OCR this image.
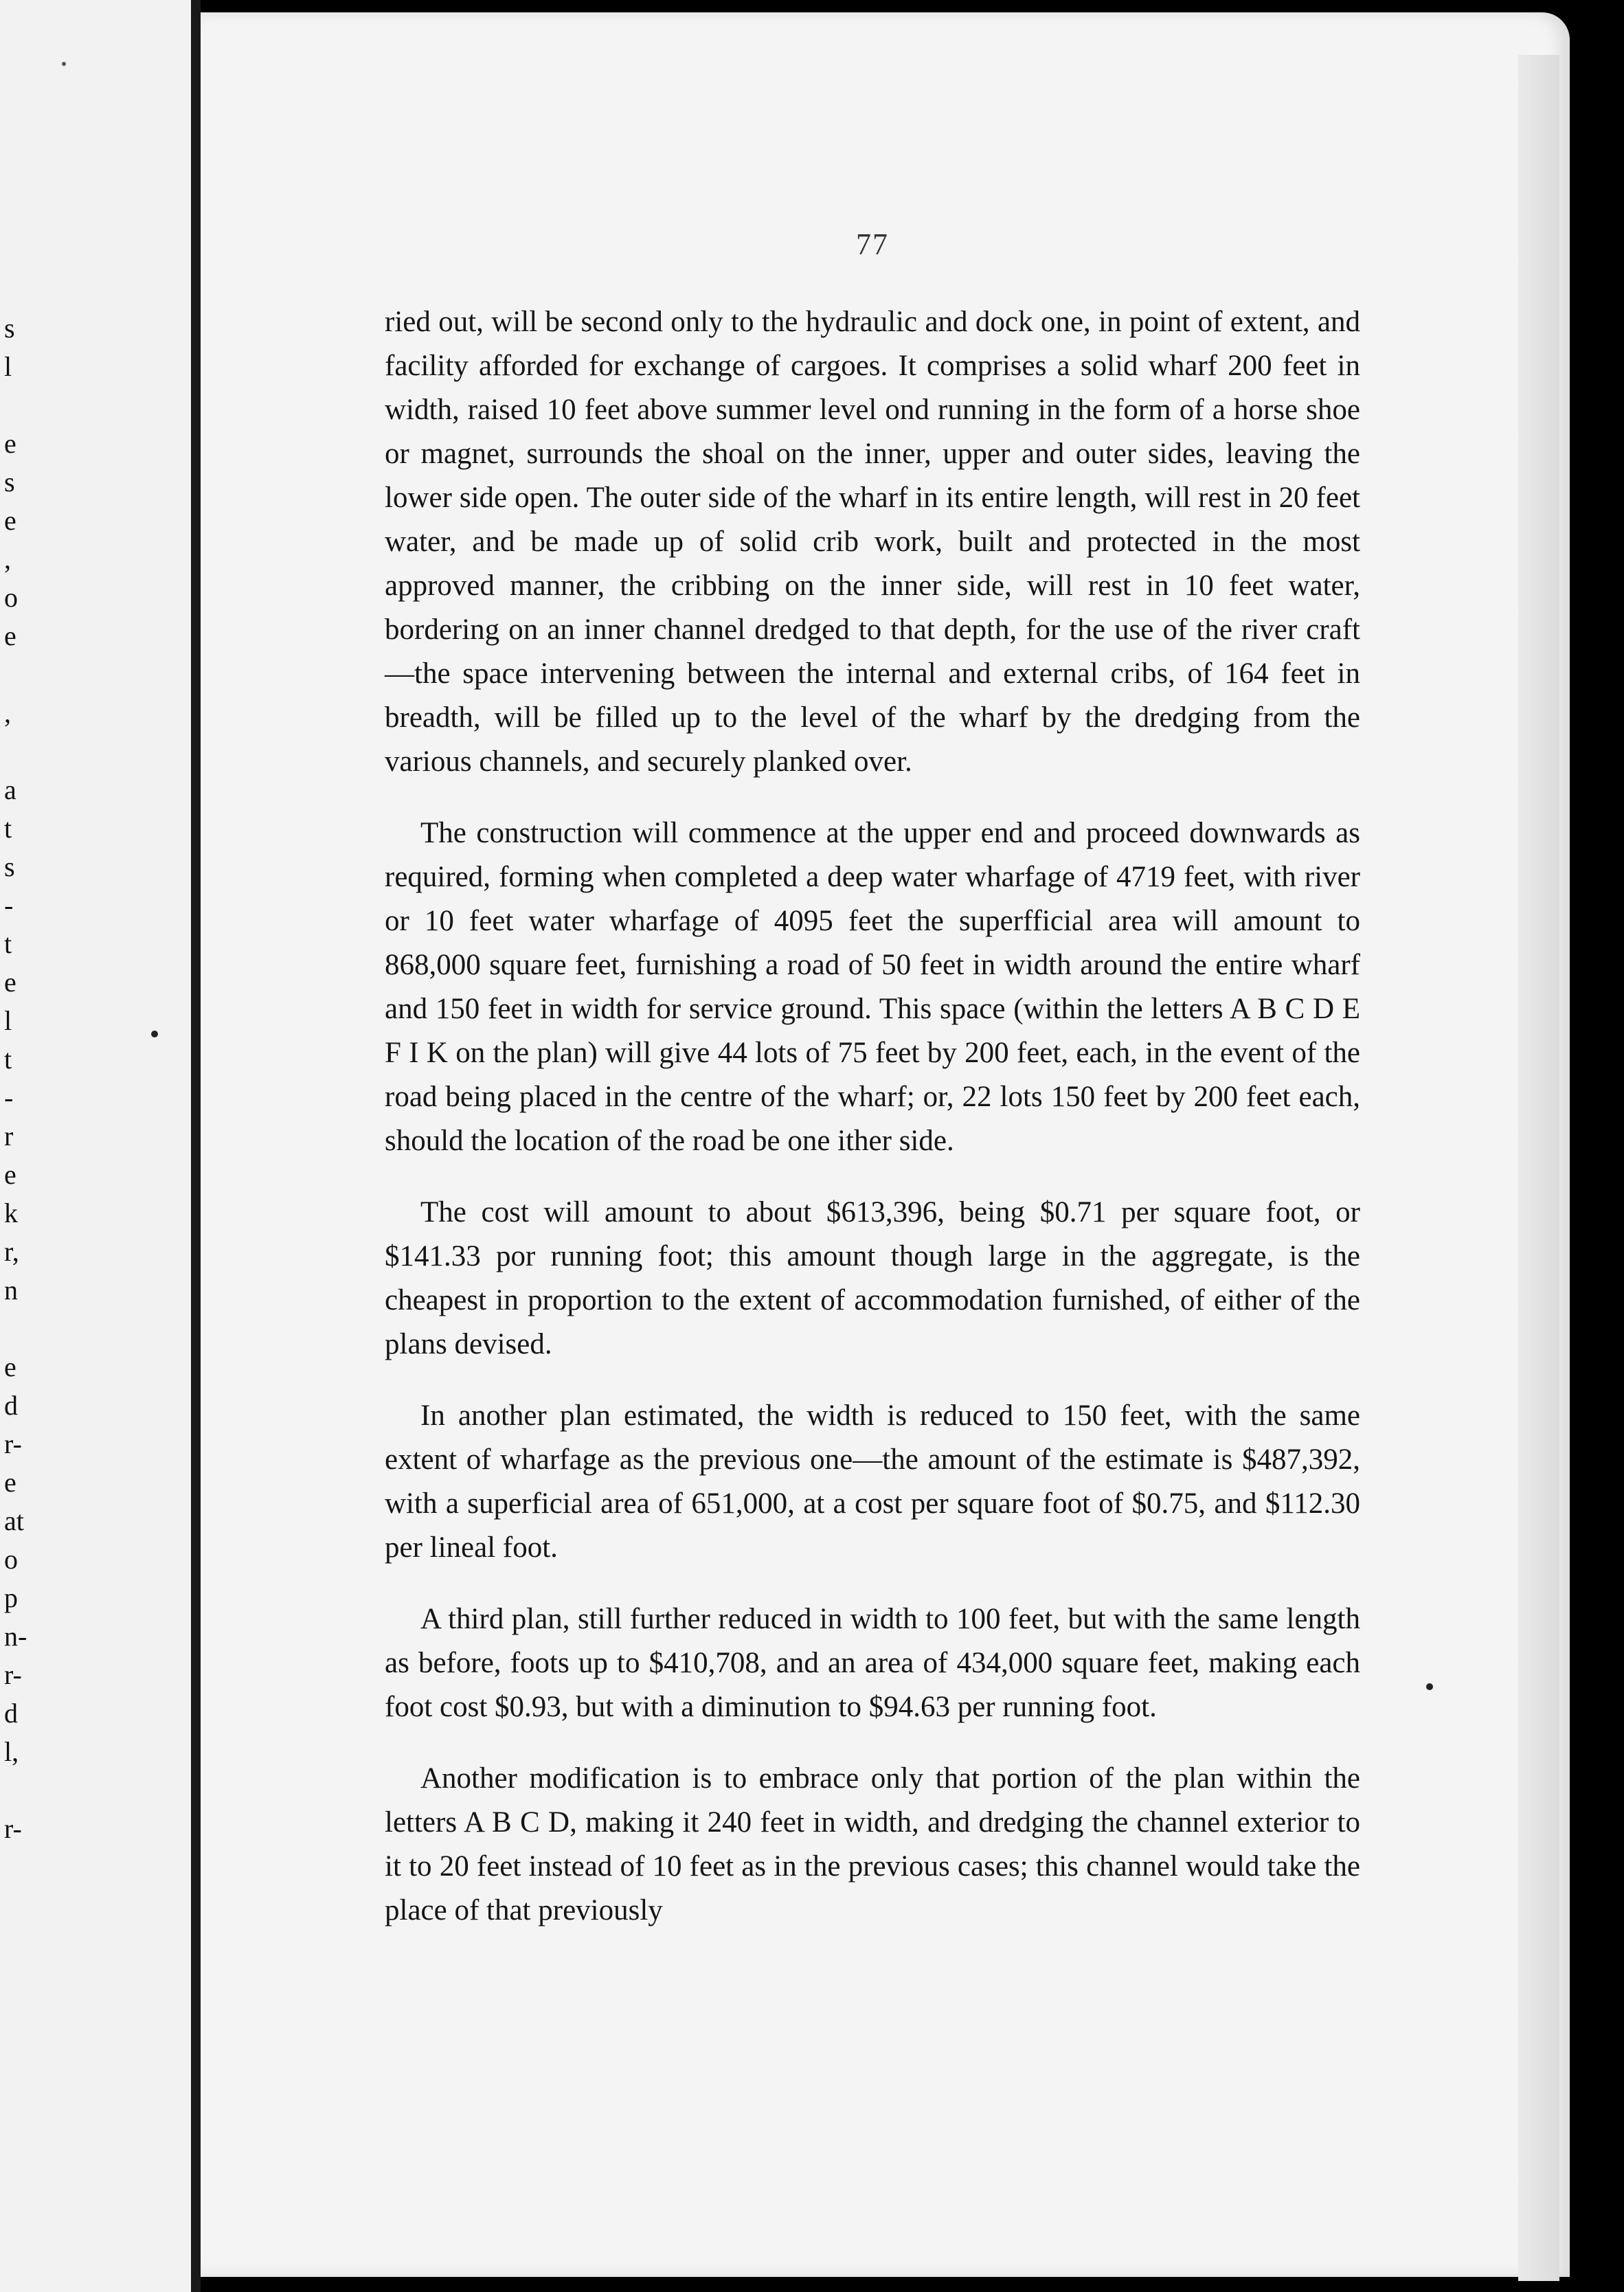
s
l
e
s
e
,
o
e
,
a
t
s
-
t
e
l
t
-
r
e
k
r,
n
e
d
r-
e
at
o
p
n-
r-
d
l,
r-
77

ried out, will be second only to the hydraulic and dock one, in point of extent, and facility afforded for exchange of cargoes. It comprises a solid wharf 200 feet in width, raised 10 feet above summer level ond running in the form of a horse shoe or magnet, surrounds the shoal on the inner, upper and outer sides, leaving the lower side open. The outer side of the wharf in its entire length, will rest in 20 feet water, and be made up of solid crib work, built and protected in the most approved manner, the cribbing on the inner side, will rest in 10 feet water, bordering on an inner channel dredged to that depth, for the use of the river craft—the space intervening between the internal and external cribs, of 164 feet in breadth, will be filled up to the level of the wharf by the dredging from the various channels, and securely planked over.

The construction will commence at the upper end and proceed downwards as required, forming when completed a deep water wharfage of 4719 feet, with river or 10 feet water wharfage of 4095 feet the superfficial area will amount to 868,000 square feet, furnishing a road of 50 feet in width around the entire wharf and 150 feet in width for service ground. This space (within the letters A B C D E F I K on the plan) will give 44 lots of 75 feet by 200 feet, each, in the event of the road being placed in the centre of the wharf; or, 22 lots 150 feet by 200 feet each, should the location of the road be one ither side.

The cost will amount to about $613,396, being $0.71 per square foot, or $141.33 por running foot; this amount though large in the aggregate, is the cheapest in proportion to the extent of accommodation furnished, of either of the plans devised.

In another plan estimated, the width is reduced to 150 feet, with the same extent of wharfage as the previous one—the amount of the estimate is $487,392, with a superficial area of 651,000, at a cost per square foot of $0.75, and $112.30 per lineal foot.

A third plan, still further reduced in width to 100 feet, but with the same length as before, foots up to $410,708, and an area of 434,000 square feet, making each foot cost $0.93, but with a diminution to $94.63 per running foot.

Another modification is to embrace only that portion of the plan within the letters A B C D, making it 240 feet in width, and dredging the channel exterior to it to 20 feet instead of 10 feet as in the previous cases; this channel would take the place of that previously
